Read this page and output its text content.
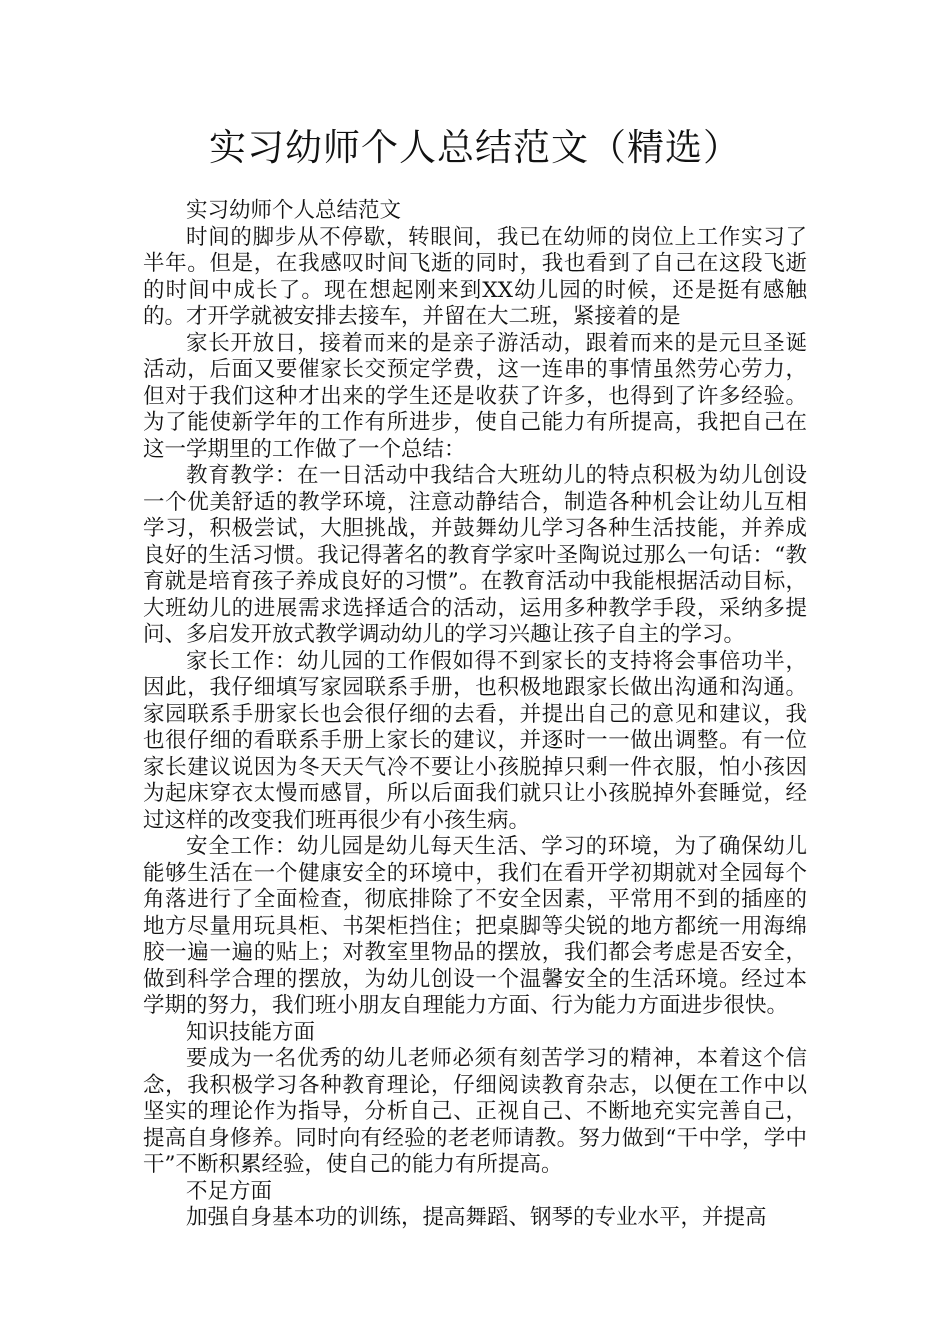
实习幼师个人总结范文（精选）

实习幼师个人总结范文

时间的脚步从不停歇，转眼间，我已在幼师的岗位上工作实习了半年。但是，在我感叹时间飞逝的同时，我也看到了自己在这段飞逝的时间中成长了。现在想起刚来到XX幼儿园的时候，还是挺有感触的。才开学就被安排去接车，并留在大二班，紧接着的是

家长开放日，接着而来的是亲子游活动，跟着而来的是元旦圣诞活动，后面又要催家长交预定学费，这一连串的事情虽然劳心劳力，但对于我们这种才出来的学生还是收获了许多，也得到了许多经验。为了能使新学年的工作有所进步，使自己能力有所提高，我把自己在这一学期里的工作做了一个总结：

教育教学：在一日活动中我结合大班幼儿的特点积极为幼儿创设一个优美舒适的教学环境，注意动静结合，制造各种机会让幼儿互相学习，积极尝试，大胆挑战，并鼓舞幼儿学习各种生活技能，并养成良好的生活习惯。我记得著名的教育学家叶圣陶说过那么一句话：“教育就是培育孩子养成良好的习惯”。在教育活动中我能根据活动目标，大班幼儿的进展需求选择适合的活动，运用多种教学手段，采纳多提问、多启发开放式教学调动幼儿的学习兴趣让孩子自主的学习。

家长工作：幼儿园的工作假如得不到家长的支持将会事倍功半，因此，我仔细填写家园联系手册，也积极地跟家长做出沟通和沟通。家园联系手册家长也会很仔细的去看，并提出自己的意见和建议，我也很仔细的看联系手册上家长的建议，并逐时一一做出调整。有一位家长建议说因为冬天天气冷不要让小孩脱掉只剩一件衣服，怕小孩因为起床穿衣太慢而感冒，所以后面我们就只让小孩脱掉外套睡觉，经过这样的改变我们班再很少有小孩生病。

安全工作：幼儿园是幼儿每天生活、学习的环境，为了确保幼儿能够生活在一个健康安全的环境中，我们在看开学初期就对全园每个角落进行了全面检查，彻底排除了不安全因素，平常用不到的插座的地方尽量用玩具柜、书架柜挡住；把桌脚等尖锐的地方都统一用海绵胶一遍一遍的贴上；对教室里物品的摆放，我们都会考虑是否安全，做到科学合理的摆放，为幼儿创设一个温馨安全的生活环境。经过本学期的努力，我们班小朋友自理能力方面、行为能力方面进步很快。

知识技能方面

要成为一名优秀的幼儿老师必须有刻苦学习的精神，本着这个信念，我积极学习各种教育理论，仔细阅读教育杂志，以便在工作中以坚实的理论作为指导，分析自己、正视自己、不断地充实完善自己，提高自身修养。同时向有经验的老老师请教。努力做到“干中学，学中干”不断积累经验，使自己的能力有所提高。

不足方面

加强自身基本功的训练，提高舞蹈、钢琴的专业水平，并提高
